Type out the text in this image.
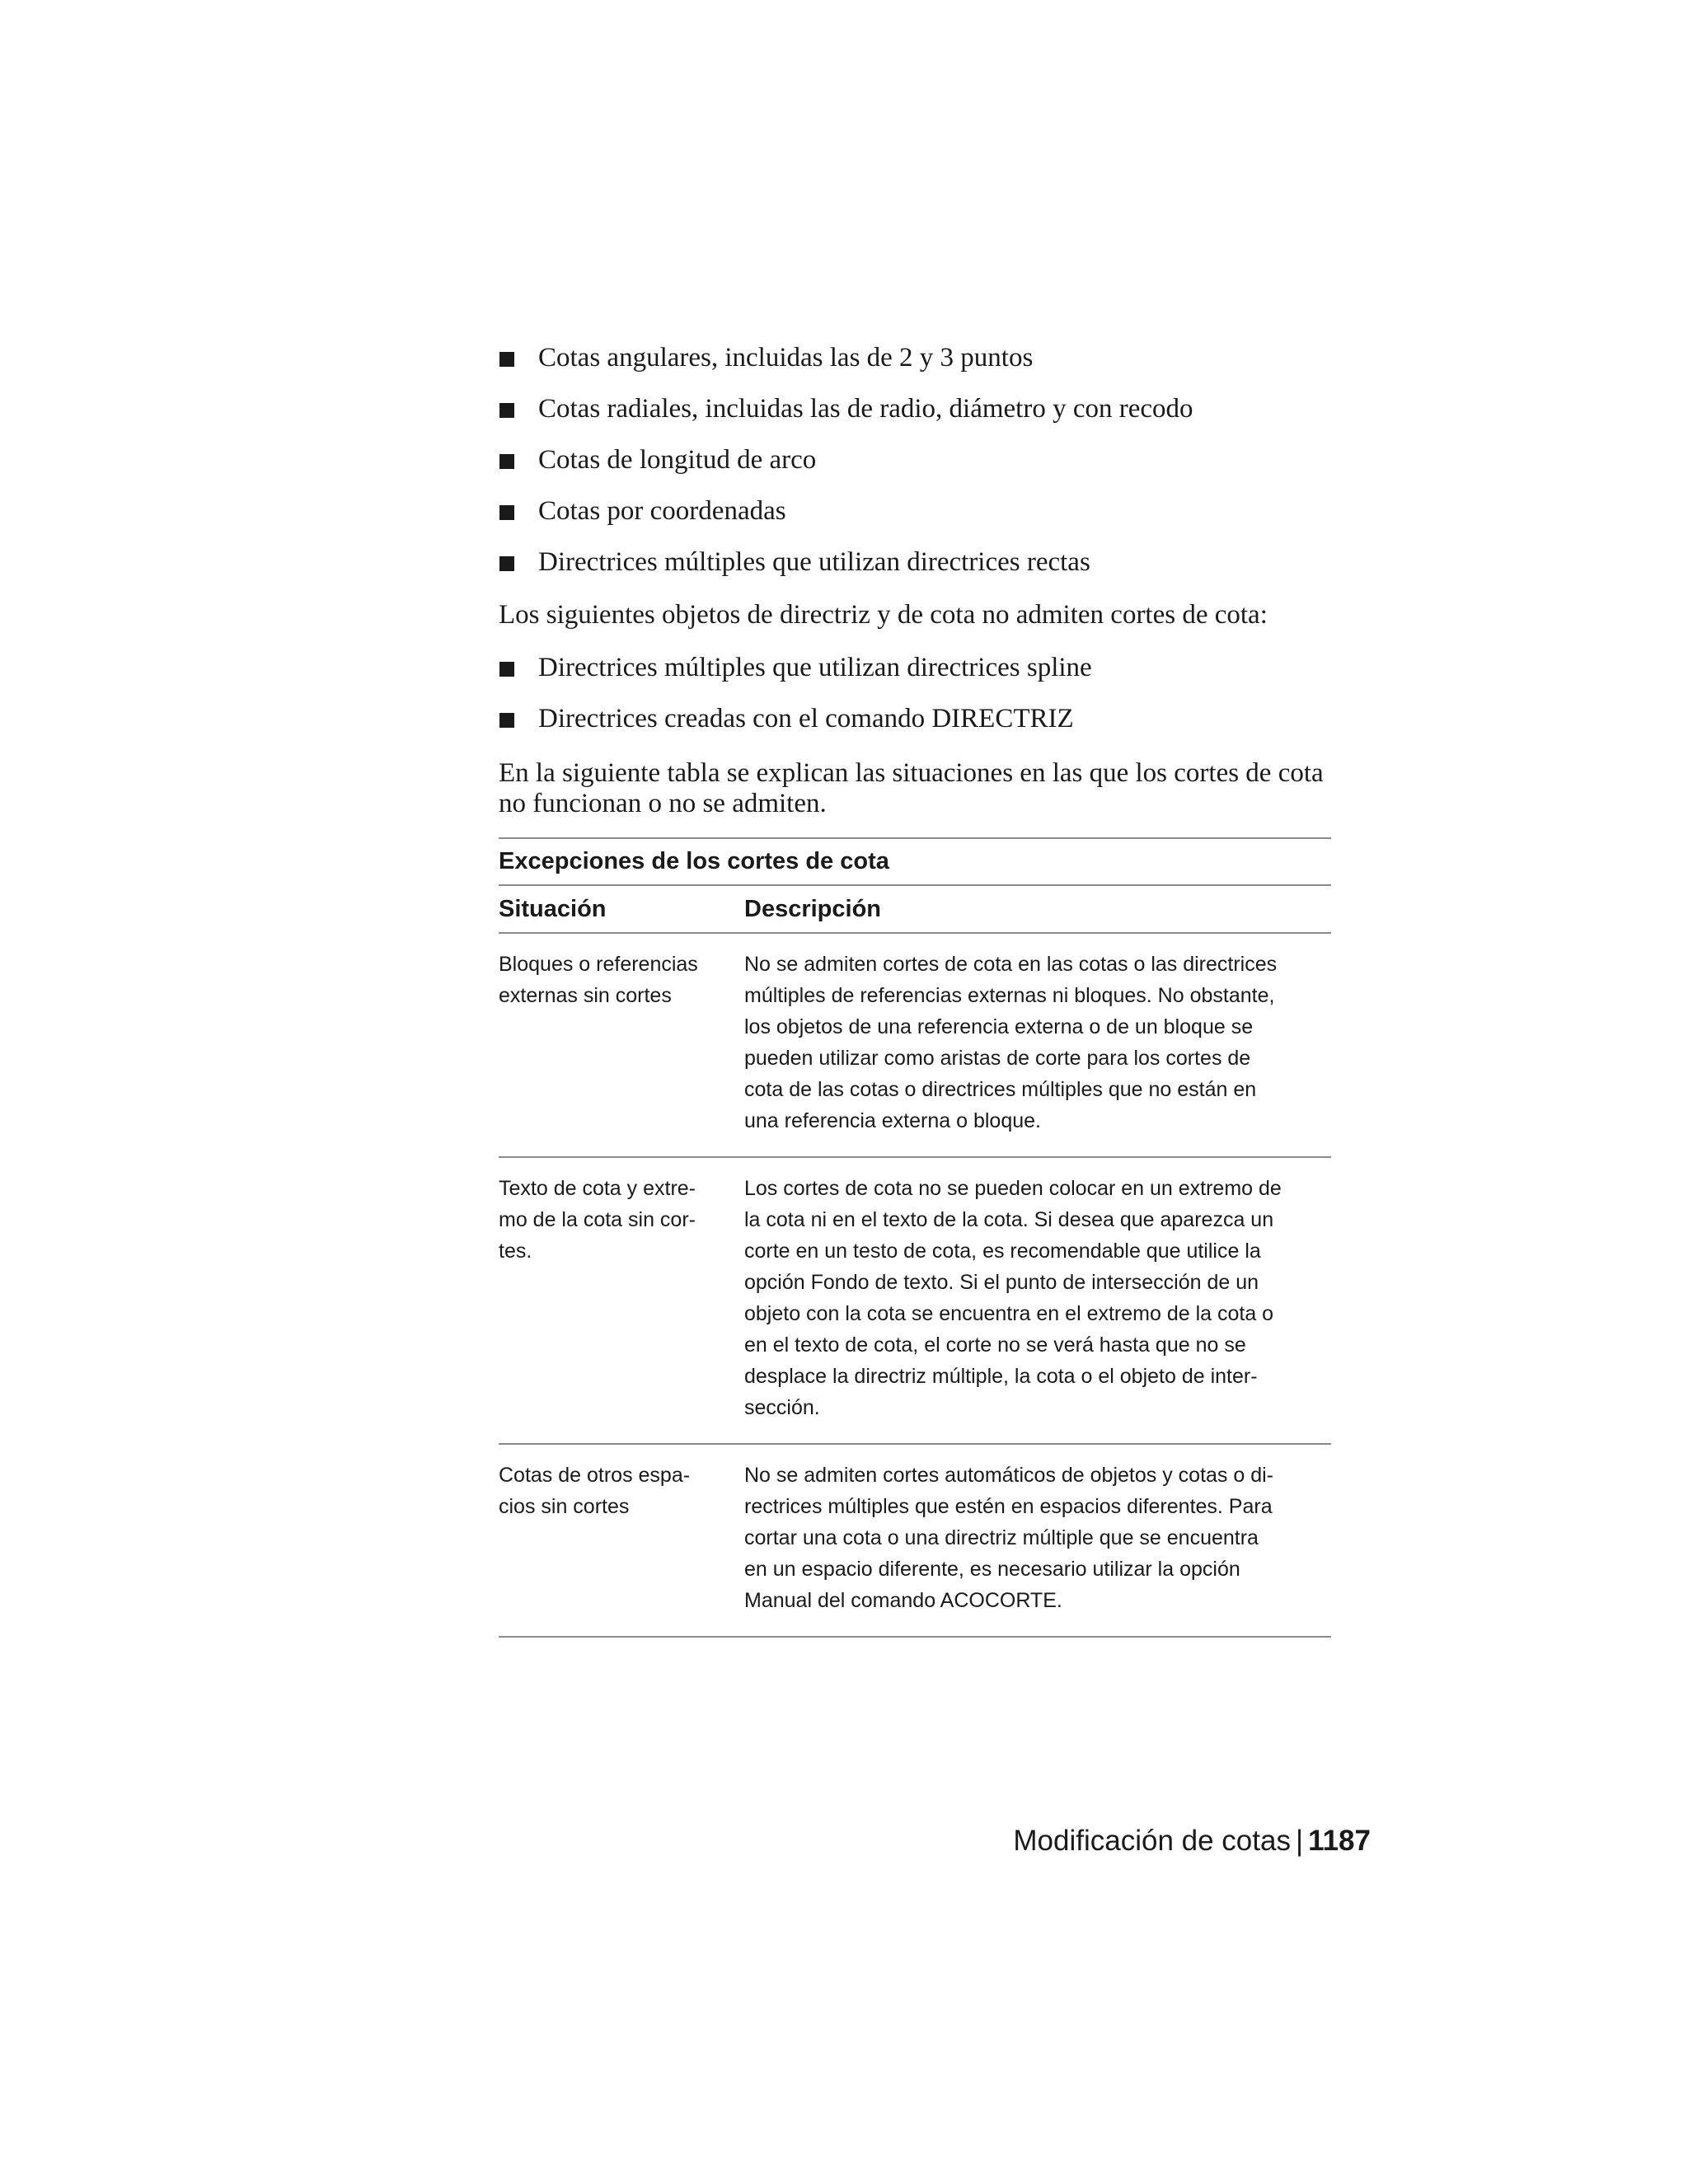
Cotas angulares, incluidas las de 2 y 3 puntos
Cotas radiales, incluidas las de radio, diámetro y con recodo
Cotas de longitud de arco
Cotas por coordenadas
Directrices múltiples que utilizan directrices rectas

Los siguientes objetos de directriz y de cota no admiten cortes de cota:

Directrices múltiples que utilizan directrices spline
Directrices creadas con el comando DIRECTRIZ

En la siguiente tabla se explican las situaciones en las que los cortes de cota
no funcionan o no se admiten.

Excepciones de los cortes de cota
Situación	Descripción
Bloques o referencias
externas sin cortes
No se admiten cortes de cota en las cotas o las directrices
múltiples de referencias externas ni bloques. No obstante,
los objetos de una referencia externa o de un bloque se
pueden utilizar como aristas de corte para los cortes de
cota de las cotas o directrices múltiples que no están en
una referencia externa o bloque.
Texto de cota y extre-
mo de la cota sin cor-
tes.
Los cortes de cota no se pueden colocar en un extremo de
la cota ni en el texto de la cota. Si desea que aparezca un
corte en un testo de cota, es recomendable que utilice la
opción Fondo de texto. Si el punto de intersección de un
objeto con la cota se encuentra en el extremo de la cota o
en el texto de cota, el corte no se verá hasta que no se
desplace la directriz múltiple, la cota o el objeto de inter-
sección.
Cotas de otros espa-
cios sin cortes
No se admiten cortes automáticos de objetos y cotas o di-
rectrices múltiples que estén en espacios diferentes. Para
cortar una cota o una directriz múltiple que se encuentra
en un espacio diferente, es necesario utilizar la opción
Manual del comando ACOCORTE.
Modificación de cotas | 1187
